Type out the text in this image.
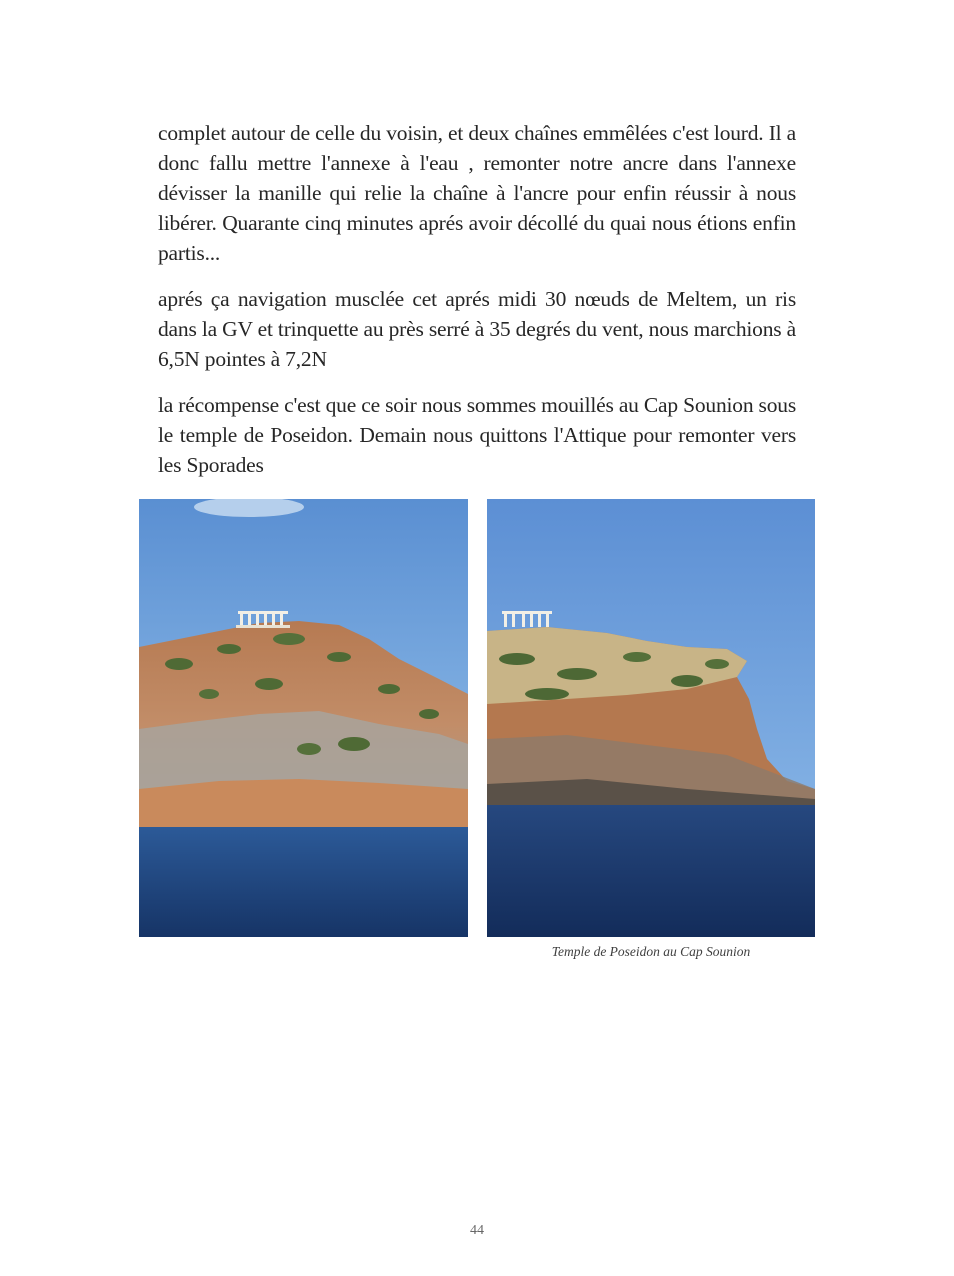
complet autour de celle du voisin, et deux chaînes emmêlées c'est lourd. Il a donc fallu mettre l'annexe à l'eau , remonter notre ancre dans l'annexe dévisser la manille qui relie la chaîne à l'ancre pour enfin réussir à nous libérer. Quarante cinq minutes aprés avoir décollé du quai nous étions enfin partis...

aprés ça navigation musclée cet aprés midi 30 nœuds de Meltem, un ris dans la GV et trinquette au près serré à 35 degrés du vent, nous marchions à 6,5N pointes à 7,2N

la récompense c'est que ce soir nous sommes mouillés au Cap Sounion sous le temple de Poseidon. Demain nous quittons l'Attique pour remonter vers les Sporades

Temple de Poseidon au Cap Sounion
44
